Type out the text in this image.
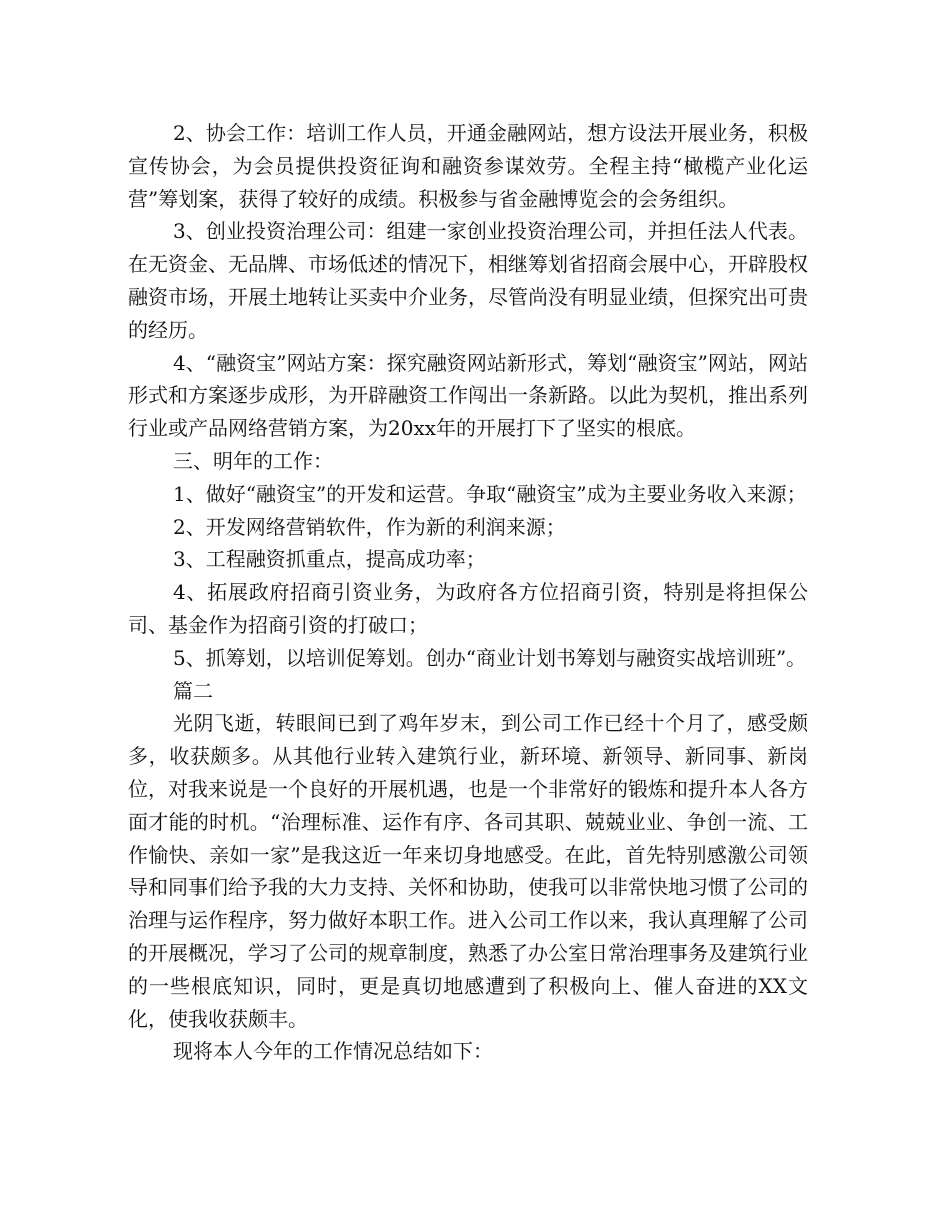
2、协会工作：培训工作人员，开通金融网站，想方设法开展业务，积极宣传协会，为会员提供投资征询和融资参谋效劳。全程主持“橄榄产业化运营”筹划案，获得了较好的成绩。积极参与省金融博览会的会务组织。

3、创业投资治理公司：组建一家创业投资治理公司，并担任法人代表。在无资金、无品牌、市场低述的情况下，相继筹划省招商会展中心，开辟股权融资市场，开展土地转让买卖中介业务，尽管尚没有明显业绩，但探究出可贵的经历。

4、“融资宝”网站方案：探究融资网站新形式，筹划“融资宝”网站，网站形式和方案逐步成形，为开辟融资工作闯出一条新路。以此为契机，推出系列行业或产品网络营销方案，为20xx年的开展打下了坚实的根底。

三、明年的工作：

1、做好“融资宝”的开发和运营。争取“融资宝”成为主要业务收入来源；

2、开发网络营销软件，作为新的利润来源；

3、工程融资抓重点，提高成功率；

4、拓展政府招商引资业务，为政府各方位招商引资，特别是将担保公司、基金作为招商引资的打破口；

5、抓筹划，以培训促筹划。创办“商业计划书筹划与融资实战培训班”。

篇二

光阴飞逝，转眼间已到了鸡年岁末，到公司工作已经十个月了，感受颇多，收获颇多。从其他行业转入建筑行业，新环境、新领导、新同事、新岗位，对我来说是一个良好的开展机遇，也是一个非常好的锻炼和提升本人各方面才能的时机。“治理标准、运作有序、各司其职、兢兢业业、争创一流、工作愉快、亲如一家”是我这近一年来切身地感受。在此，首先特别感激公司领导和同事们给予我的大力支持、关怀和协助，使我可以非常快地习惯了公司的治理与运作程序，努力做好本职工作。进入公司工作以来，我认真理解了公司的开展概况，学习了公司的规章制度，熟悉了办公室日常治理事务及建筑行业的一些根底知识，同时，更是真切地感遭到了积极向上、催人奋进的XX文化，使我收获颇丰。

现将本人今年的工作情况总结如下：
